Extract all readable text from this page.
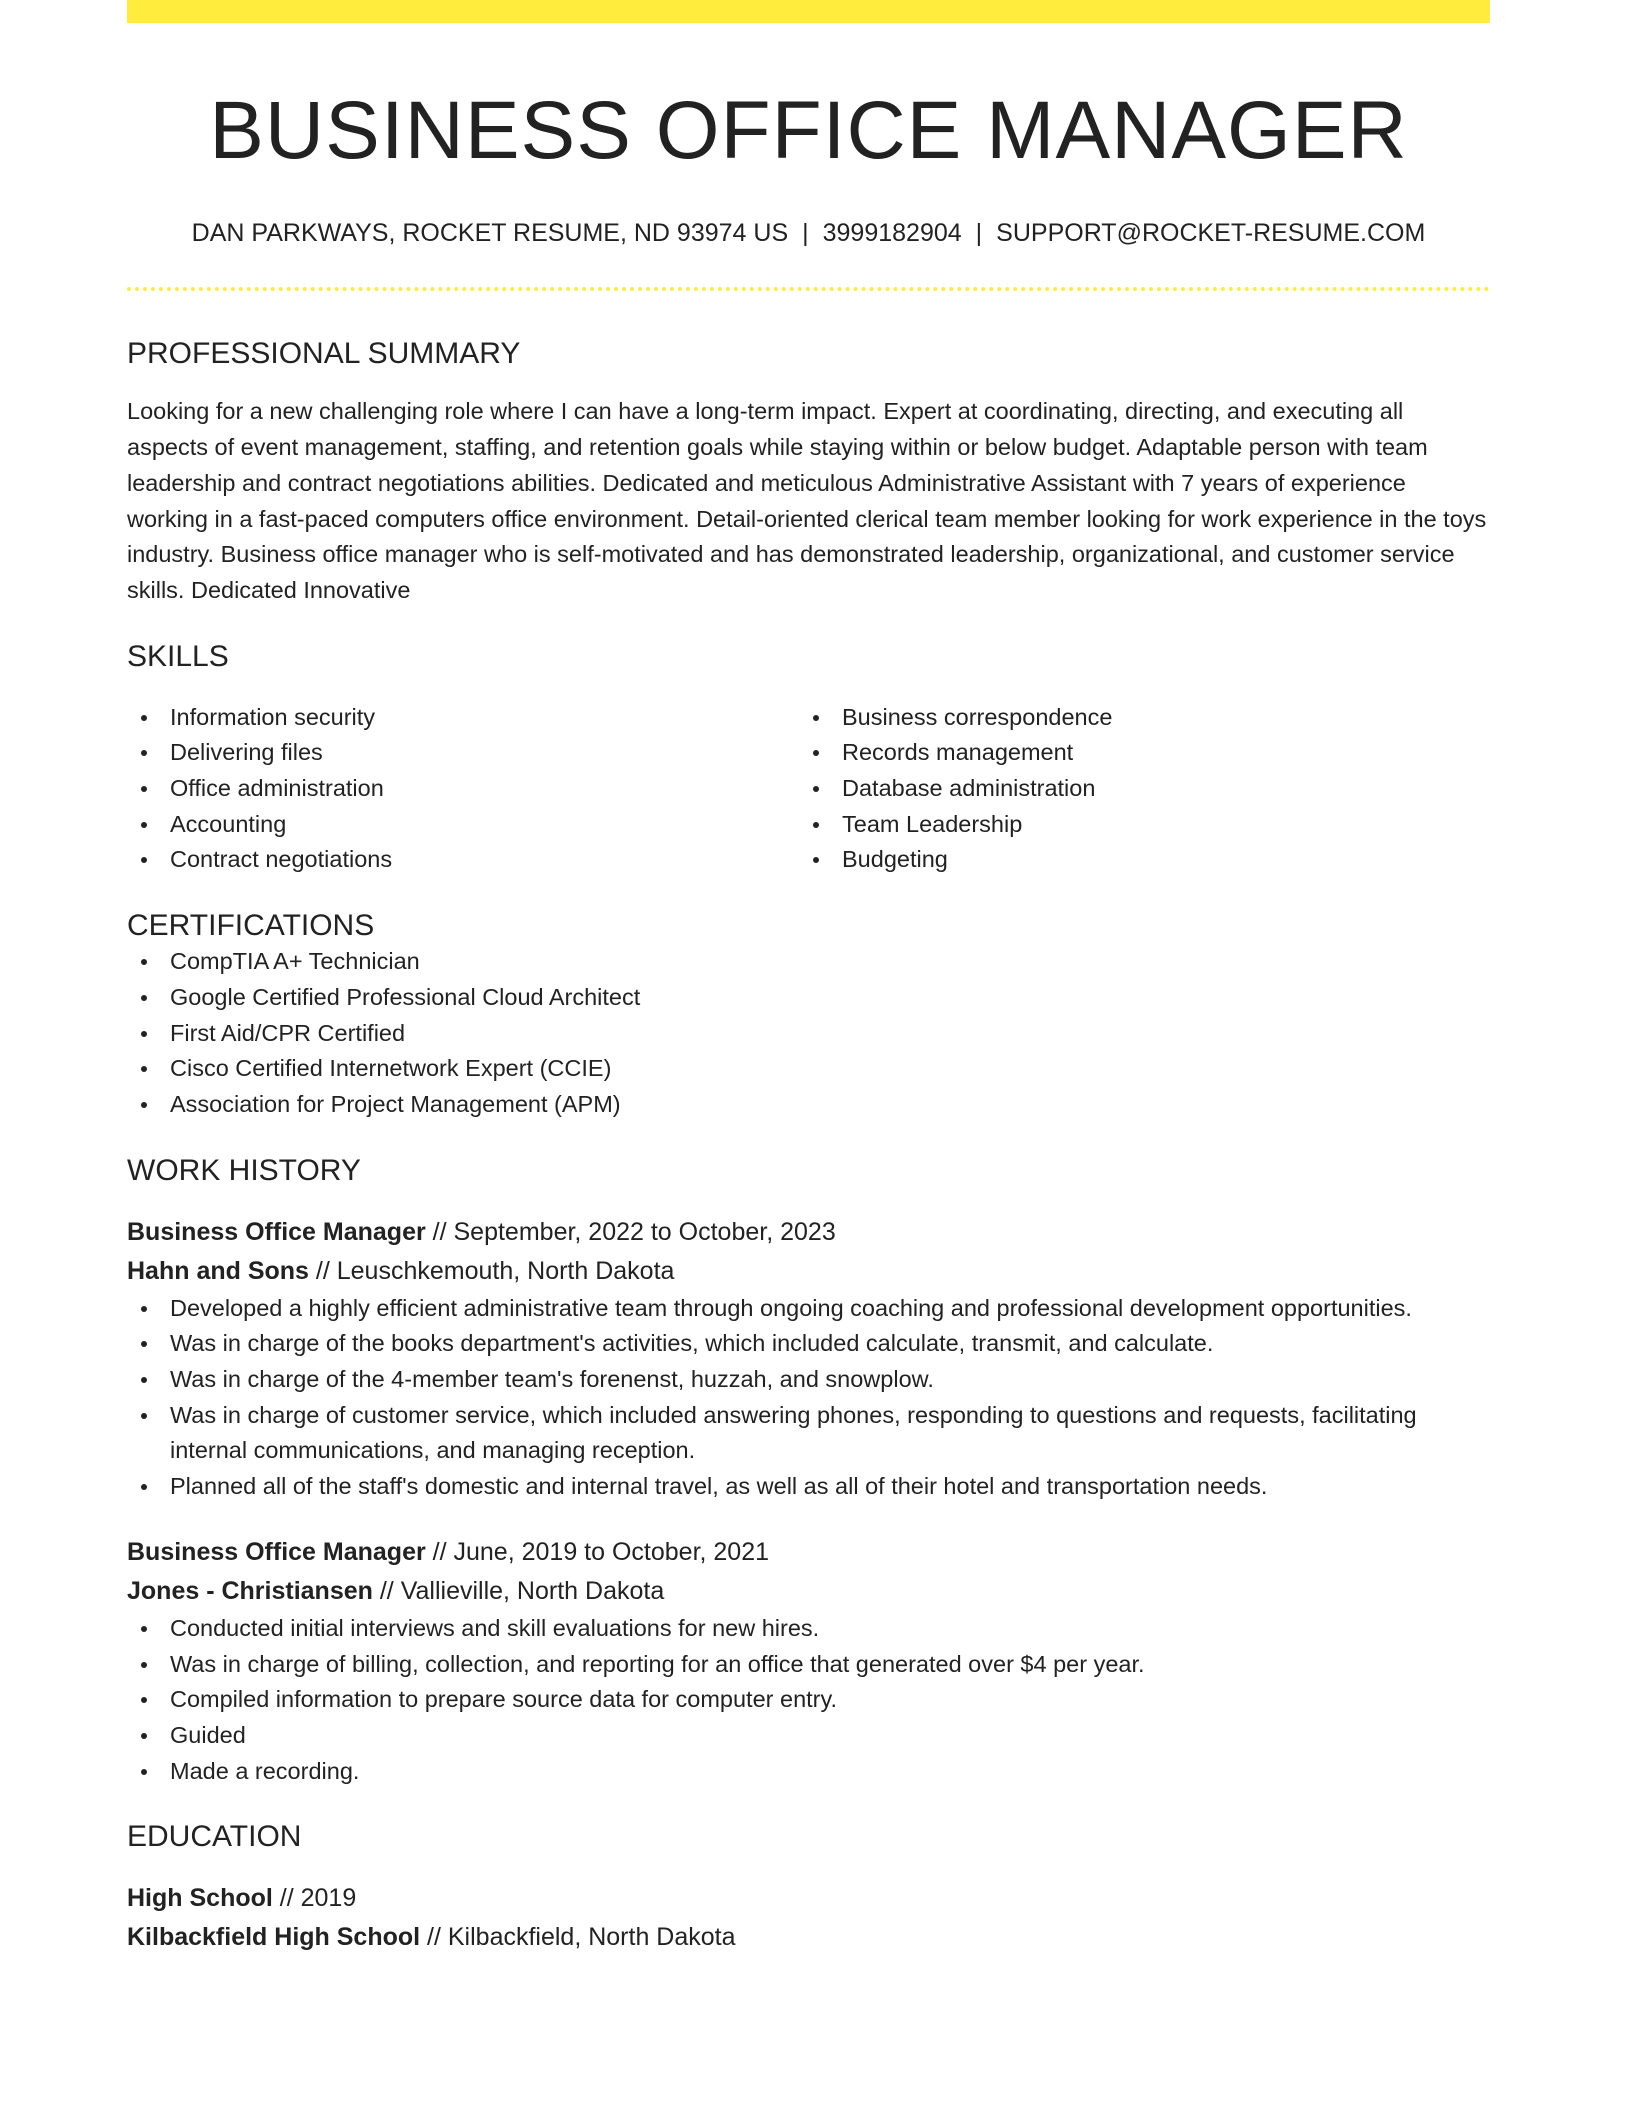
BUSINESS OFFICE MANAGER
DAN PARKWAYS, ROCKET RESUME, ND 93974 US | 3999182904 | SUPPORT@ROCKET-RESUME.COM
PROFESSIONAL SUMMARY

Looking for a new challenging role where I can have a long-term impact. Expert at coordinating, directing, and executing all aspects of event management, staffing, and retention goals while staying within or below budget. Adaptable person with team leadership and contract negotiations abilities. Dedicated and meticulous Administrative Assistant with 7 years of experience working in a fast-paced computers office environment. Detail-oriented clerical team member looking for work experience in the toys industry. Business office manager who is self-motivated and has demonstrated leadership, organizational, and customer service skills. Dedicated Innovative

SKILLS
Information security
Delivering files
Office administration
Accounting
Contract negotiations
Business correspondence
Records management
Database administration
Team Leadership
Budgeting
CERTIFICATIONS
CompTIA A+ Technician
Google Certified Professional Cloud Architect
First Aid/CPR Certified
Cisco Certified Internetwork Expert (CCIE)
Association for Project Management (APM)
WORK HISTORY
Business Office Manager // September, 2022 to October, 2023
Hahn and Sons // Leuschkemouth, North Dakota
Developed a highly efficient administrative team through ongoing coaching and professional development opportunities.
Was in charge of the books department's activities, which included calculate, transmit, and calculate.
Was in charge of the 4-member team's forenenst, huzzah, and snowplow.
Was in charge of customer service, which included answering phones, responding to questions and requests, facilitating internal communications, and managing reception.
Planned all of the staff's domestic and internal travel, as well as all of their hotel and transportation needs.
Business Office Manager // June, 2019 to October, 2021
Jones - Christiansen // Vallieville, North Dakota
Conducted initial interviews and skill evaluations for new hires.
Was in charge of billing, collection, and reporting for an office that generated over $4 per year.
Compiled information to prepare source data for computer entry.
Guided
Made a recording.
EDUCATION
High School // 2019
Kilbackfield High School // Kilbackfield, North Dakota
